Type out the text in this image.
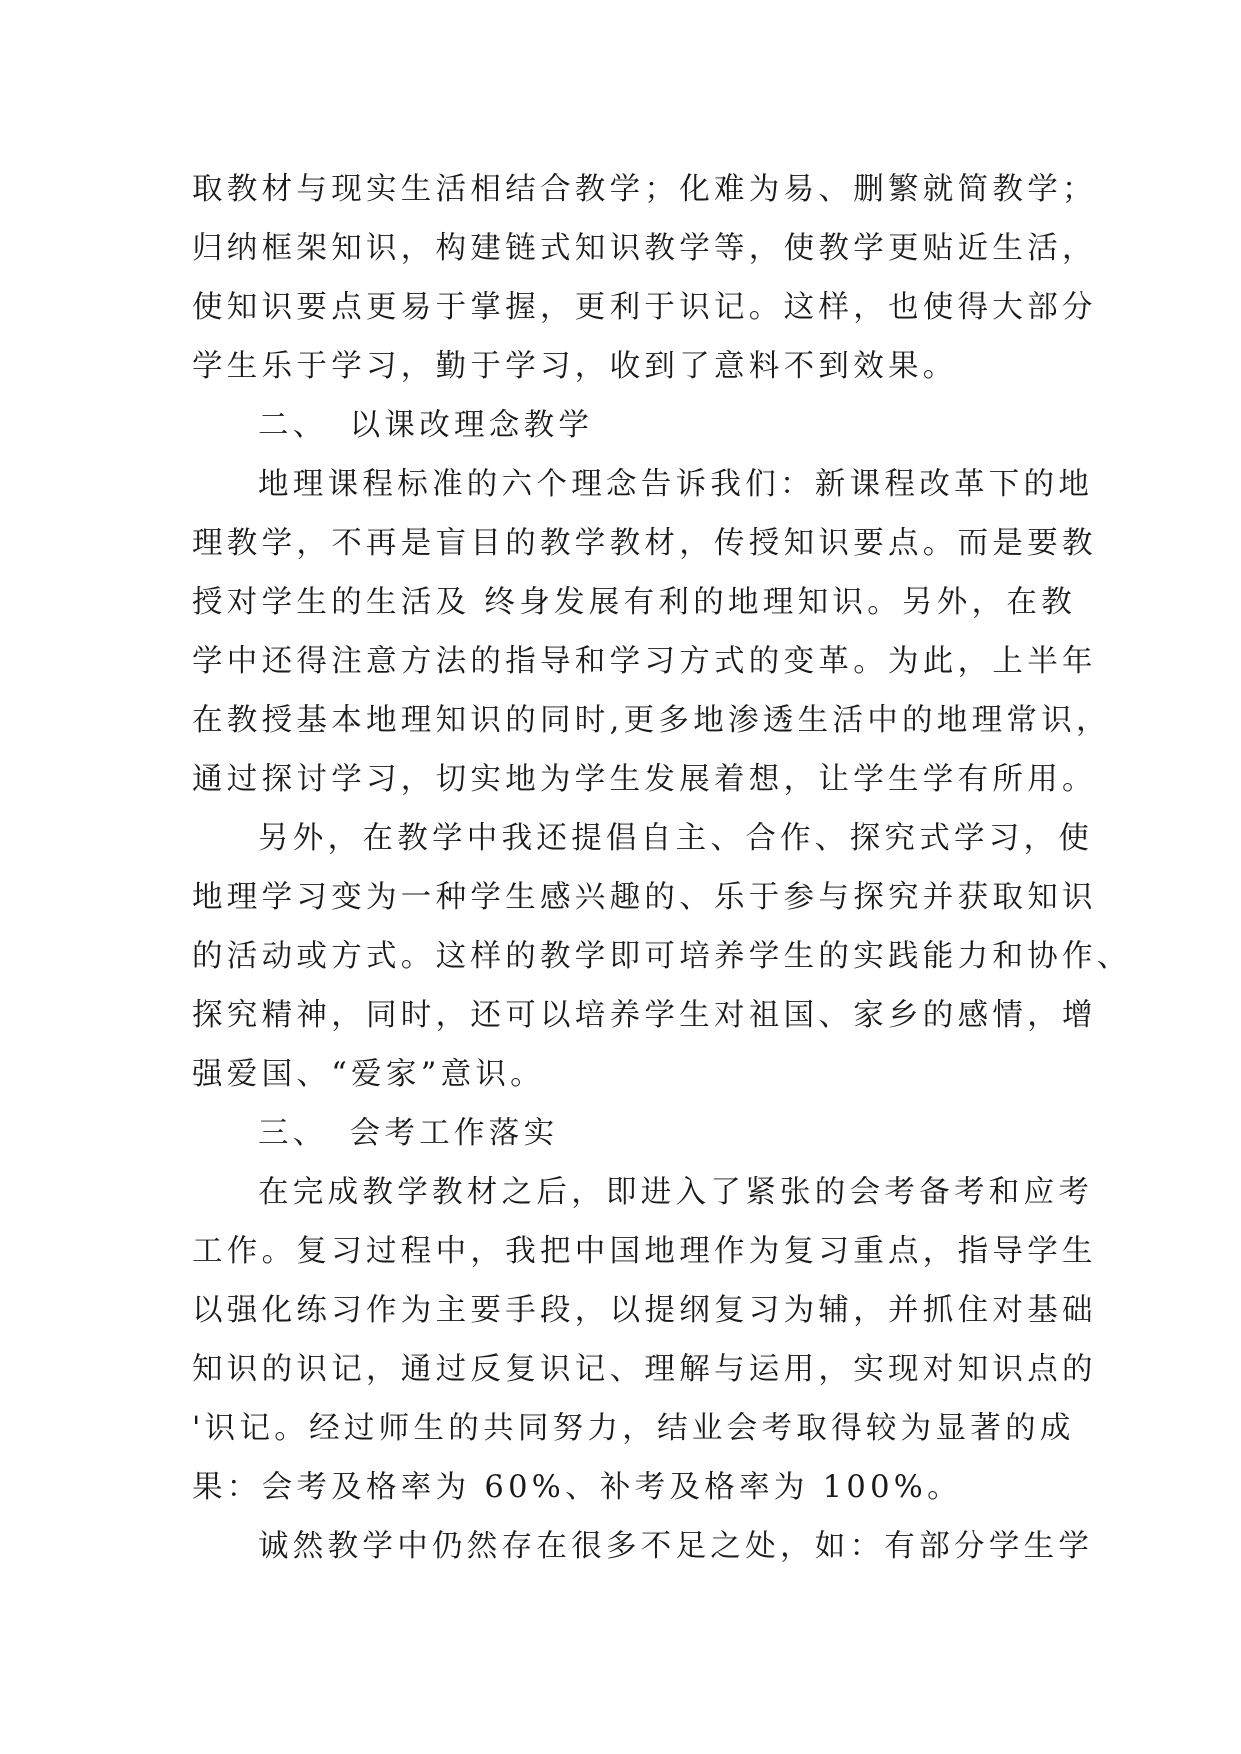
取教材与现实生活相结合教学；化难为易、删繁就简教学；

归纳框架知识，构建链式知识教学等，使教学更贴近生活，

使知识要点更易于掌握，更利于识记。这样，也使得大部分

学生乐于学习，勤于学习，收到了意料不到效果。

二、 以课改理念教学

地理课程标准的六个理念告诉我们：新课程改革下的地

理教学，不再是盲目的教学教材，传授知识要点。而是要教

授对学生的生活及 终身发展有利的地理知识。另外，在教

学中还得注意方法的指导和学习方式的变革。为此，上半年

在教授基本地理知识的同时,更多地渗透生活中的地理常识，

通过探讨学习，切实地为学生发展着想，让学生学有所用。

另外，在教学中我还提倡自主、合作、探究式学习，使

地理学习变为一种学生感兴趣的、乐于参与探究并获取知识

的活动或方式。这样的教学即可培养学生的实践能力和协作、

探究精神，同时，还可以培养学生对祖国、家乡的感情，增

强爱国、“爱家”意识。

三、 会考工作落实

在完成教学教材之后，即进入了紧张的会考备考和应考

工作。复习过程中，我把中国地理作为复习重点，指导学生

以强化练习作为主要手段，以提纲复习为辅，并抓住对基础

知识的识记，通过反复识记、理解与运用，实现对知识点的

'识记。经过师生的共同努力，结业会考取得较为显著的成

果：会考及格率为 60%、补考及格率为 100%。

诚然教学中仍然存在很多不足之处，如：有部分学生学
